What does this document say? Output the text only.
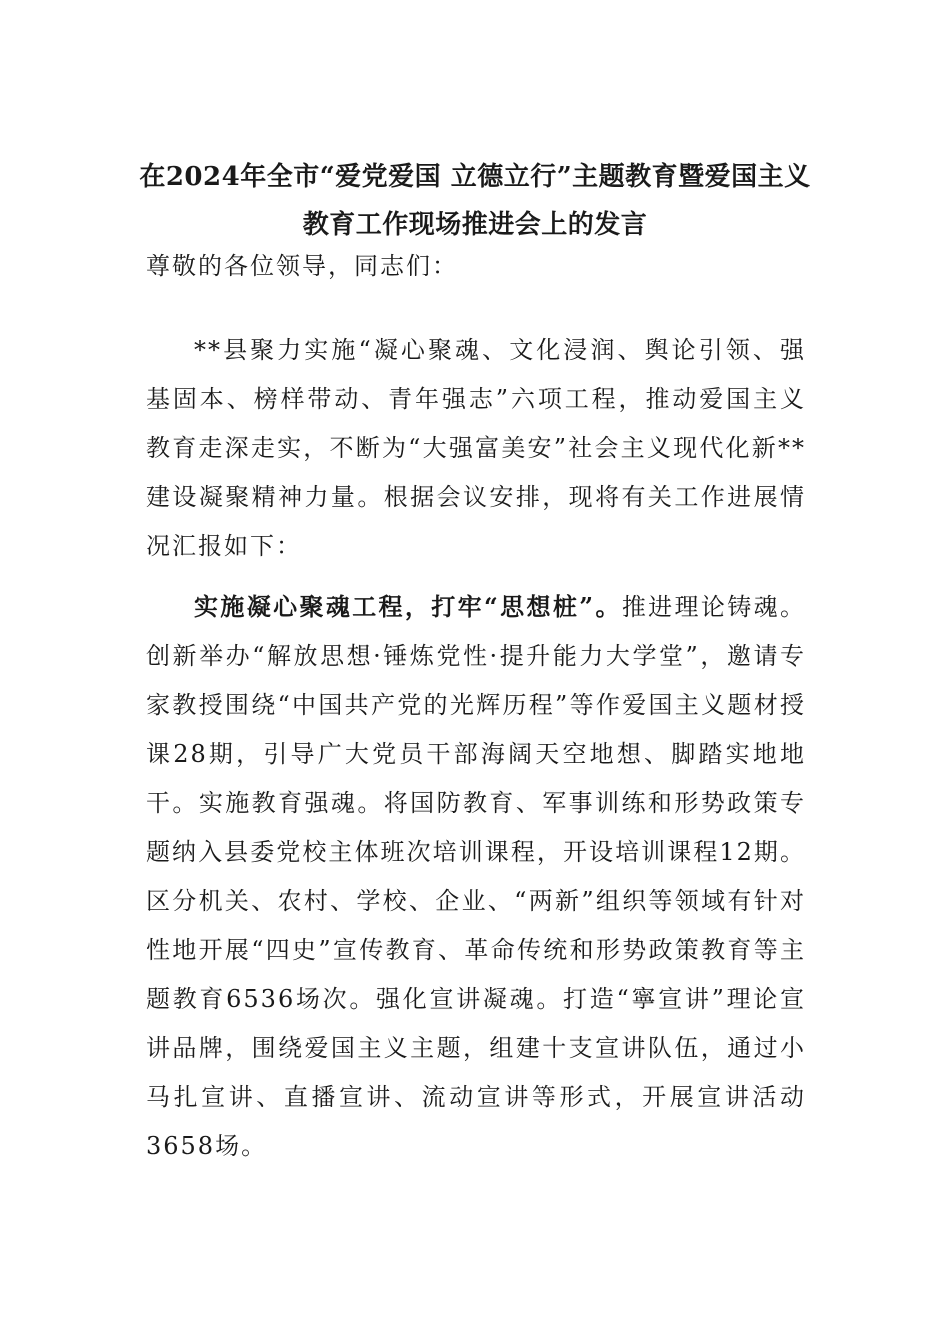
在2024年全市“爱党爱国 立德立行”主题教育暨爱国主义
教育工作现场推进会上的发言
尊敬的各位领导，同志们：
**县聚力实施“凝心聚魂、文化浸润、舆论引领、强基固本、榜样带动、青年强志”六项工程，推动爱国主义教育走深走实，不断为“大强富美安”社会主义现代化新**建设凝聚精神力量。根据会议安排，现将有关工作进展情况汇报如下：
实施凝心聚魂工程，打牢“思想桩”。推进理论铸魂。创新举办“解放思想·锤炼党性·提升能力大学堂”，邀请专家教授围绕“中国共产党的光辉历程”等作爱国主义题材授课28期，引导广大党员干部海阔天空地想、脚踏实地地干。实施教育强魂。将国防教育、军事训练和形势政策专题纳入县委党校主体班次培训课程，开设培训课程12期。区分机关、农村、学校、企业、“两新”组织等领域有针对性地开展“四史”宣传教育、革命传统和形势政策教育等主题教育6536场次。强化宣讲凝魂。打造“寧宣讲”理论宣讲品牌，围绕爱国主义主题，组建十支宣讲队伍，通过小马扎宣讲、直播宣讲、流动宣讲等形式，开展宣讲活动3658场。
